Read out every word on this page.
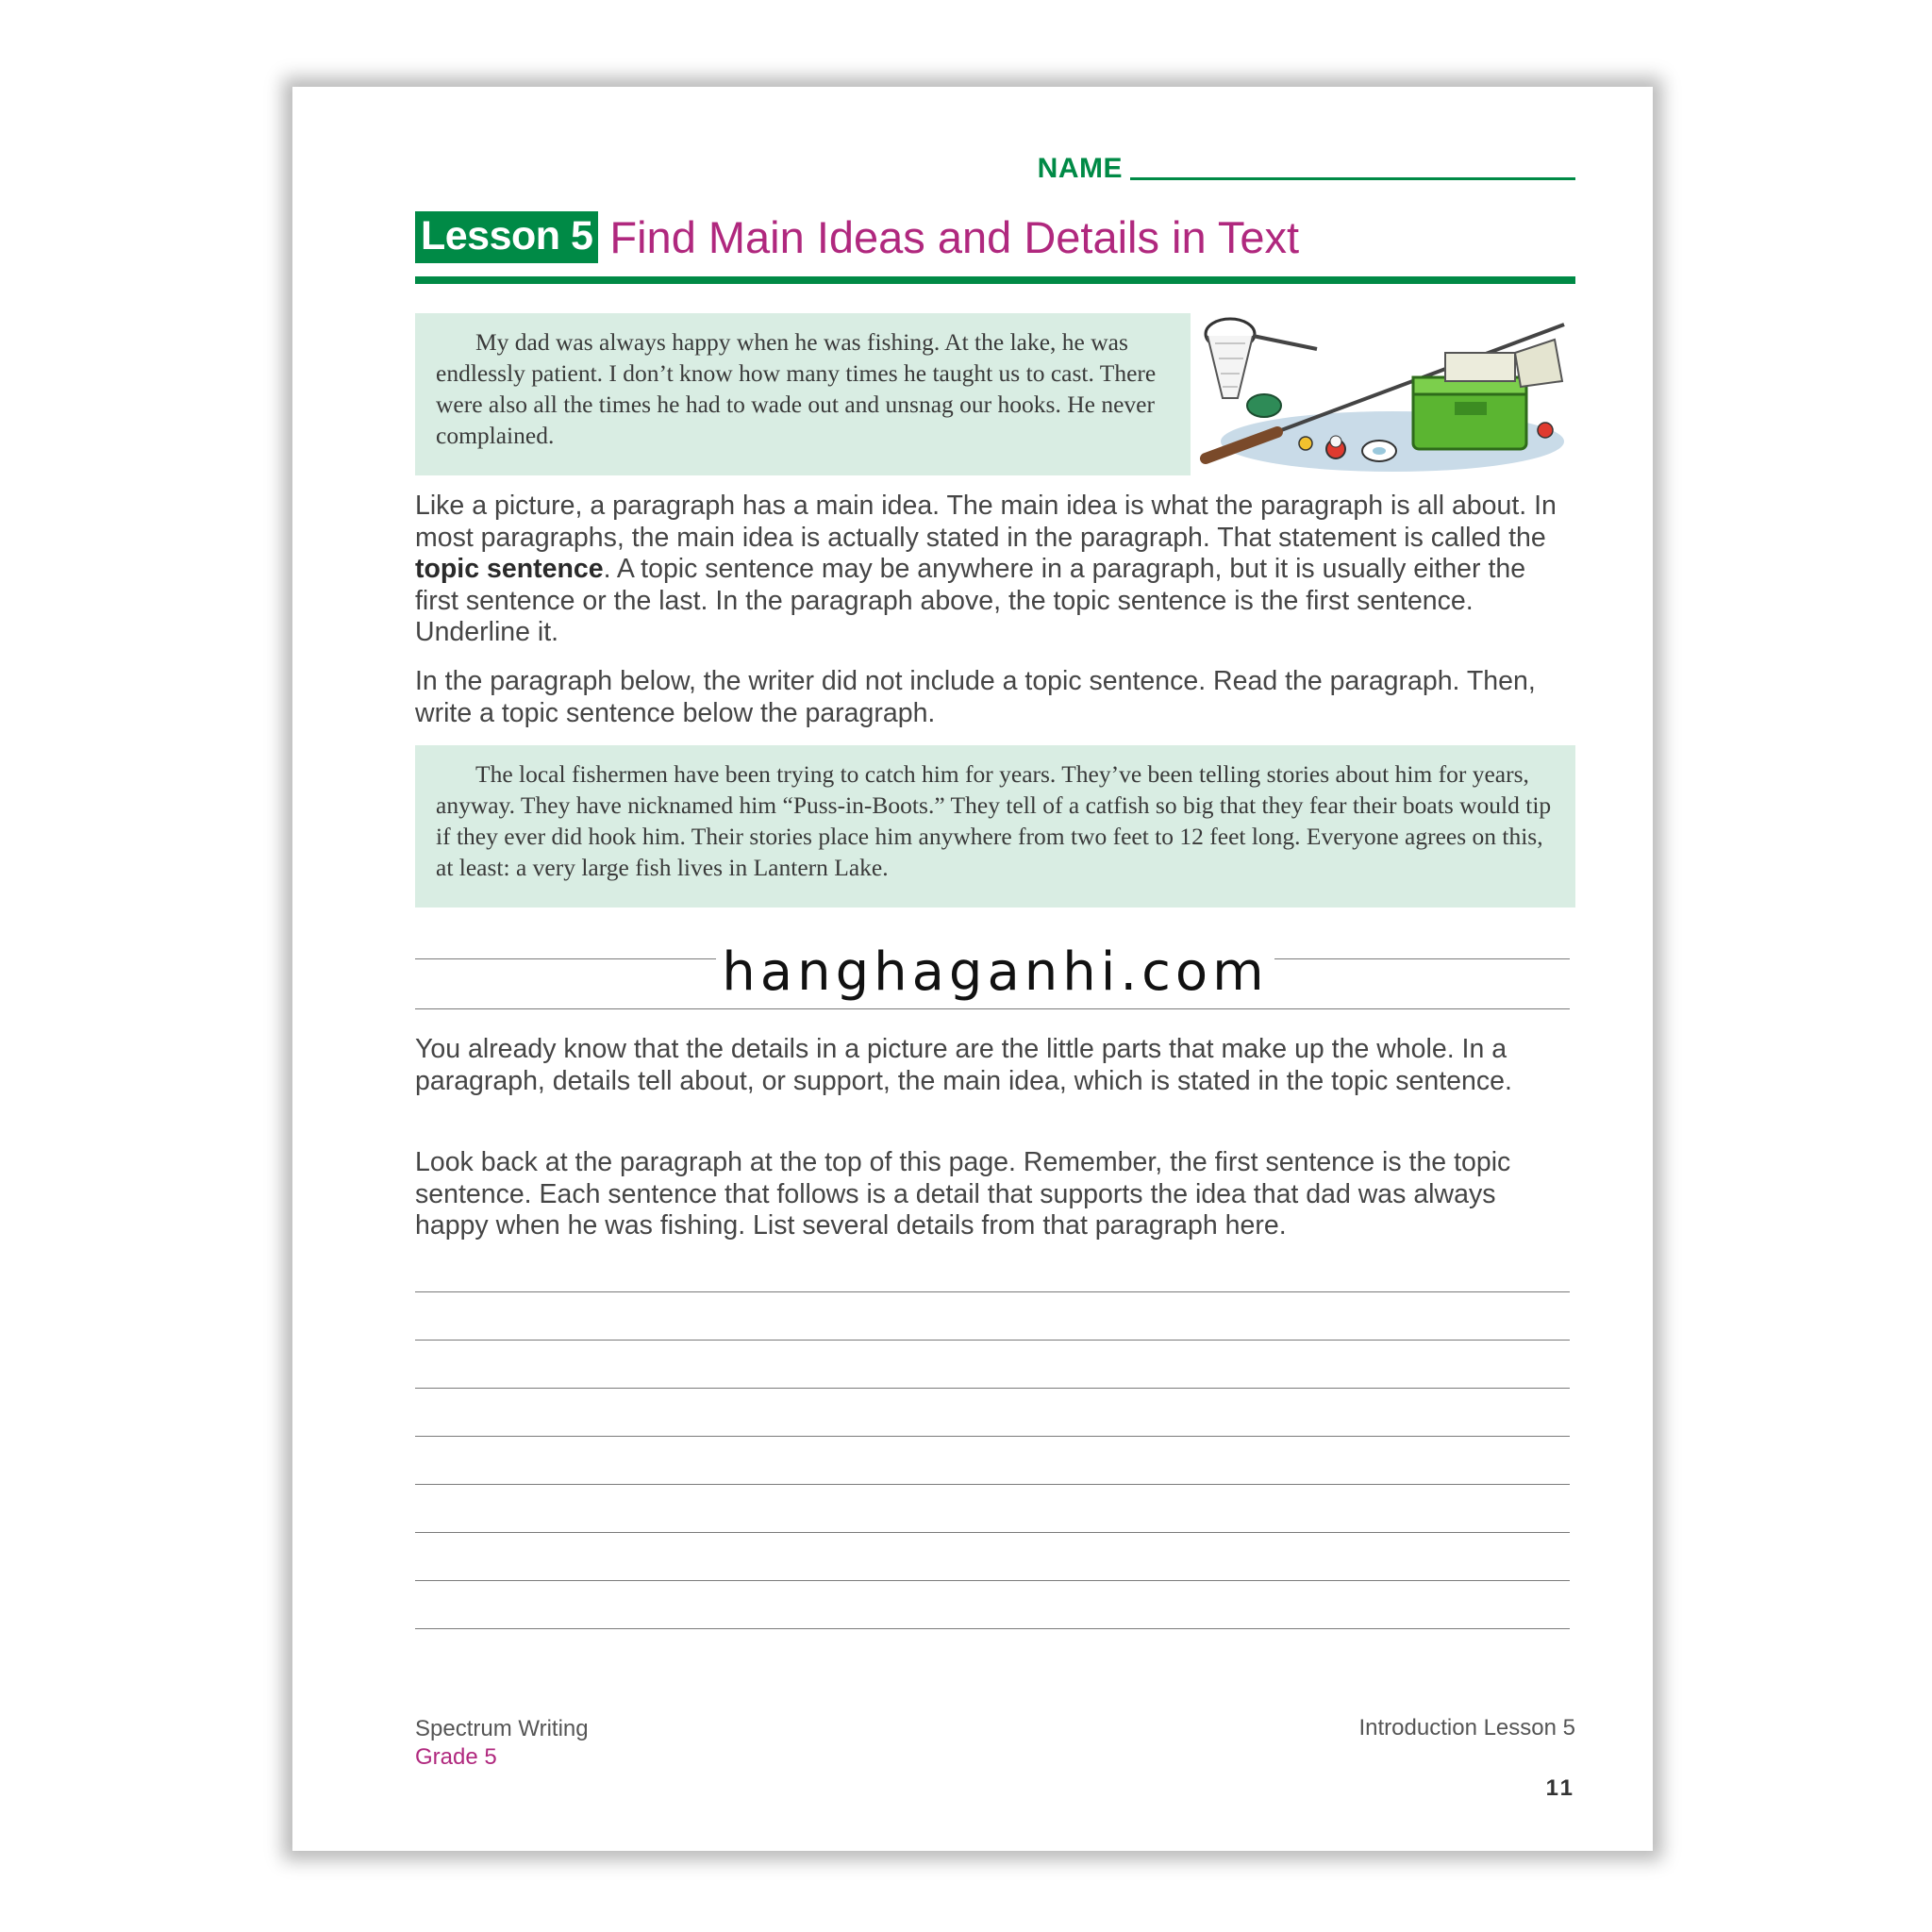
NAME
Lesson 5 Find Main Ideas and Details in Text

My dad was always happy when he was fishing. At the lake, he was endlessly patient. I don’t know how many times he taught us to cast. There were also all the times he had to wade out and unsnag our hooks. He never complained.

Like a picture, a paragraph has a main idea. The main idea is what the paragraph is all about. In most paragraphs, the main idea is actually stated in the paragraph. That statement is called the topic sentence. A topic sentence may be anywhere in a paragraph, but it is usually either the first sentence or the last. In the paragraph above, the topic sentence is the first sentence. Underline it.

In the paragraph below, the writer did not include a topic sentence. Read the paragraph. Then, write a topic sentence below the paragraph.

The local fishermen have been trying to catch him for years. They’ve been telling stories about him for years, anyway. They have nicknamed him “Puss-in-Boots.” They tell of a catfish so big that they fear their boats would tip if they ever did hook him. Their stories place him anywhere from two feet to 12 feet long. Everyone agrees on this, at least: a very large fish lives in Lantern Lake.

hanghaganhi.com

You already know that the details in a picture are the little parts that make up the whole. In a paragraph, details tell about, or support, the main idea, which is stated in the topic sentence.

Look back at the paragraph at the top of this page. Remember, the first sentence is the topic sentence. Each sentence that follows is a detail that supports the idea that dad was always happy when he was fishing. List several details from that paragraph here.

Spectrum Writing
Grade 5
Introduction Lesson 5
11
